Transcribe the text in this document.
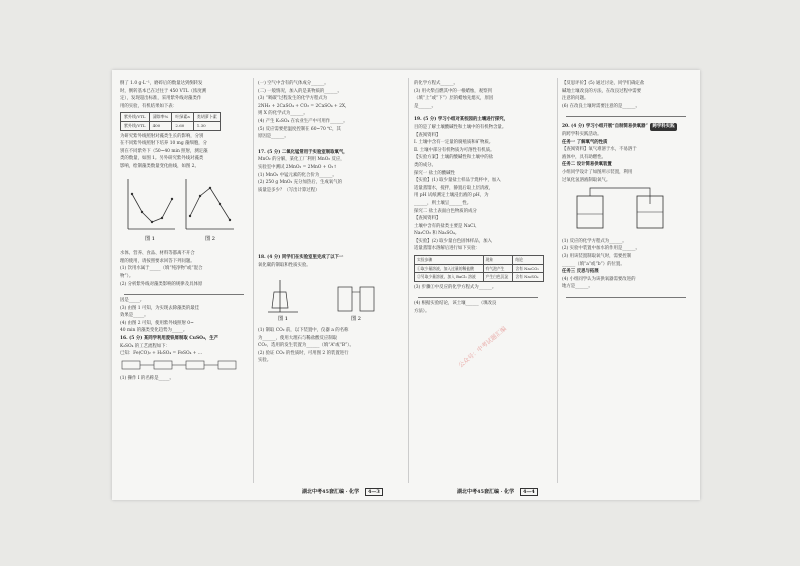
倒了 1.0 g·L⁻¹，磨碎后的数量达到倒转发

时，倒转基本已在过往于 450 VTL（浓度测

定），发现超出标准，采用紫外线对藻类作

用的实验，有机结果如下表：

紫外线/VTL	清除率%	叶绿素a	类胡萝卜素
紫外线/VTL	400	2.60	1.30

为研究紫外线照射对藻类生长的影响，分别

在不同紫外线照射下培养 10 mg 藻细胞，分

别在不同紫外下（50~40 min 照射，测定藻

类的数量，如图 1。另外研究紫外线对藻类

影响，绘制藻类数量变化曲线，如图 2。

图 1	图 2

水体、营养、食品、材料等都离不开合

理的使用，请按照要求回答下列问题。

(1) 饮用水属于_____（填“纯净物”或“混合

物”）。

(2) 分析紫外线对藻类影响的规律及具体原

因是_____。

(3) 由图 1 可知，为实现去除藻类的最佳

效果是_____。

(4) 由图 2 可知，使用紫外线照射 0~

40 min 的藻类变化趋势为_____。

16. (5 分) 某同学利用废铁屑制取 CuSO₄，生产

K₂SO₄ 的工艺流程如下：

已知：Fe(CO)₂ + H₂SO₄ = FeSO₄ + ...

(1) 操作 I 的名称是_____。

(一) 空气中含有的气体成分______。

(二) 一般情况，加入的是某物质的______。

(3) “吸碳”过程发生的化学方程式为

2NH₃ + 2CaSO₄ + CO₂ = 2CaSO₄ + 2X，

则 X 的化学式为______。

(4) 产生 K₂SO₄ 在农业生产中可用作______。

(5) 反应需要把温度控制在 60~70 ℃，其

原因是______。

17. (5 分) 二氧化锰常用于实验室制取氧气，

MnO₂ 的分解，某化工厂利用 MnO₂ 反应，

实验室中测试 2MnO₂ = 2MnO + O₂↑

(1) MnO₂ 中锰元素的化合价为______。

(2) 250 g MnO₂ 充分加热后，生成氧气的

质量是多少？（写出计算过程）

18. (4 分) 同学们在实验室里完成了以下一

氧化碳的制取和性质实验。

图 1	图 2

(1) 制取 CO₂ 前，以下装置中，仪器 a 的名称

为______，使用大理石与稀盐酸反应制取

CO₂，选用的发生装置为______（填“A”或“B”）。

(2) 验证 CO₂ 的性质时，可用图 2 的装置进行

实验。

湖北中考45套汇编 · 化学 4—3

的化学方程式______。

(3) 用火柴点燃其中的一根蜡烛，观察到

（填“上”或“下”）层的蜡烛先熄灭，原因

是______。

19. (5 分) 学习小组对某校园的土壤进行探究，

目的是了解土壤酸碱性和土壤中的有机物含量。

【查阅资料】

Ⅰ. 土壤中含有一定量的腐殖质和矿物质。

Ⅱ. 土壤中部分有机物质为可溶性有机质。

【实验方案】土壤的酸碱性和土壤中的盐

类的成分。

探究一 盐土的酸碱性

【实验】(1) 取少量盐土样品于烧杯中，加入

适量蒸馏水，搅拌，静置后取上层清液，

用 pH 试纸测定土壤浸出液的 pH，为

______，则土壤呈______性。

探究二 盐土表面白色物质的成分

【查阅资料】

土壤中含有的盐类主要是 NaCl、

Na₂CO₃ 和 Na₂SO₄。

【实验】(2) 取少量白色固体样品，加入

适量蒸馏水溶解后进行如下实验：

实验步骤	现象	结论
①取少量溶液，加入过量的稀盐酸	有气泡产生	含有 Na₂CO₃
②另取少量溶液，加入 BaCl₂ 溶液	产生白色沉淀	含有 Na₂SO₄

(3) 步骤①中反应的化学方程式为______。

(4) 根据实验结论，该土壤______（填改良

方法）。

湖北中考45套汇编 · 化学 4—4

【反思评价】(5) 通过讨论，同学们确定盐

碱地土壤改良的方法，在改良过程中需要

注意的问题。

(6) 在改良土壤时需要注意的是______。

20. (4 分) 学习小组开展“自制简易供氧器” 跨学科实践

的跨学科实践活动。

任务一 了解氧气的性质

【查阅资料】氧气难溶于水，不易溶于

液体中，具有助燃性。

任务二 设计简易供氧装置

小组同学设计了如图所示装置，利用

过氧化氢溶液制取氧气。

(1) 反应的化学方程式为______。

(2) 实验中装置中加水的作用是______。

(3) 用该装置制取氧气时，需要控制

______（填“a”或“b”）的位置。

任务三 反思与拓展

(4) 小组同学认为该供氧器需要改进的

地方是______。

公众号：中考试题汇编
